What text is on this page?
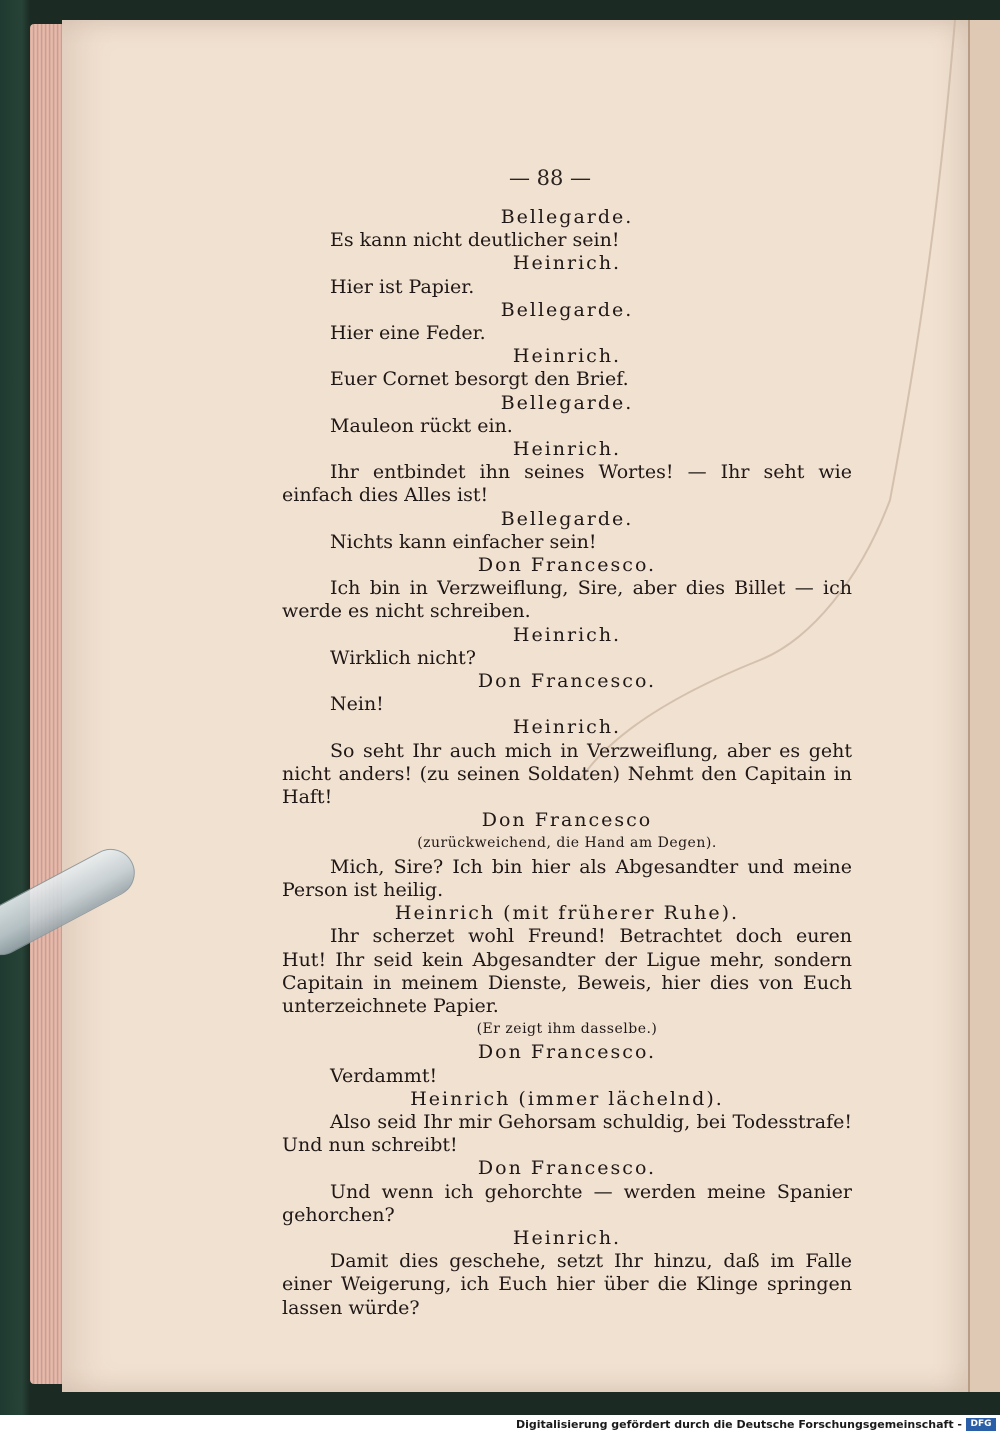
— 88 —
Bellegarde.
Es kann nicht deutlicher sein!
Heinrich.
Hier ist Papier.
Bellegarde.
Hier eine Feder.
Heinrich.
Euer Cornet besorgt den Brief.
Bellegarde.
Mauleon rückt ein.
Heinrich.
Ihr entbindet ihn seines Wortes! — Ihr seht wie einfach dies Alles ist!
Bellegarde.
Nichts kann einfacher sein!
Don Francesco.
Ich bin in Verzweiflung, Sire, aber dies Billet — ich werde es nicht schreiben.
Heinrich.
Wirklich nicht?
Don Francesco.
Nein!
Heinrich.
So seht Ihr auch mich in Verzweiflung, aber es geht nicht anders! (zu seinen Soldaten) Nehmt den Capitain in Haft!
Don Francesco
(zurückweichend, die Hand am Degen).
Mich, Sire? Ich bin hier als Abgesandter und meine Person ist heilig.
Heinrich (mit früherer Ruhe).
Ihr scherzet wohl Freund! Betrachtet doch euren Hut! Ihr seid kein Abgesandter der Ligue mehr, sondern Capitain in meinem Dienste, Beweis, hier dies von Euch unterzeichnete Papier.
(Er zeigt ihm dasselbe.)
Don Francesco.
Verdammt!
Heinrich (immer lächelnd).
Also seid Ihr mir Gehorsam schuldig, bei Todesstrafe! Und nun schreibt!
Don Francesco.
Und wenn ich gehorchte — werden meine Spanier gehorchen?
Heinrich.
Damit dies geschehe, setzt Ihr hinzu, daß im Falle einer Weigerung, ich Euch hier über die Klinge springen lassen würde?
Digitalisierung gefördert durch die Deutsche Forschungsgemeinschaft - DFG
